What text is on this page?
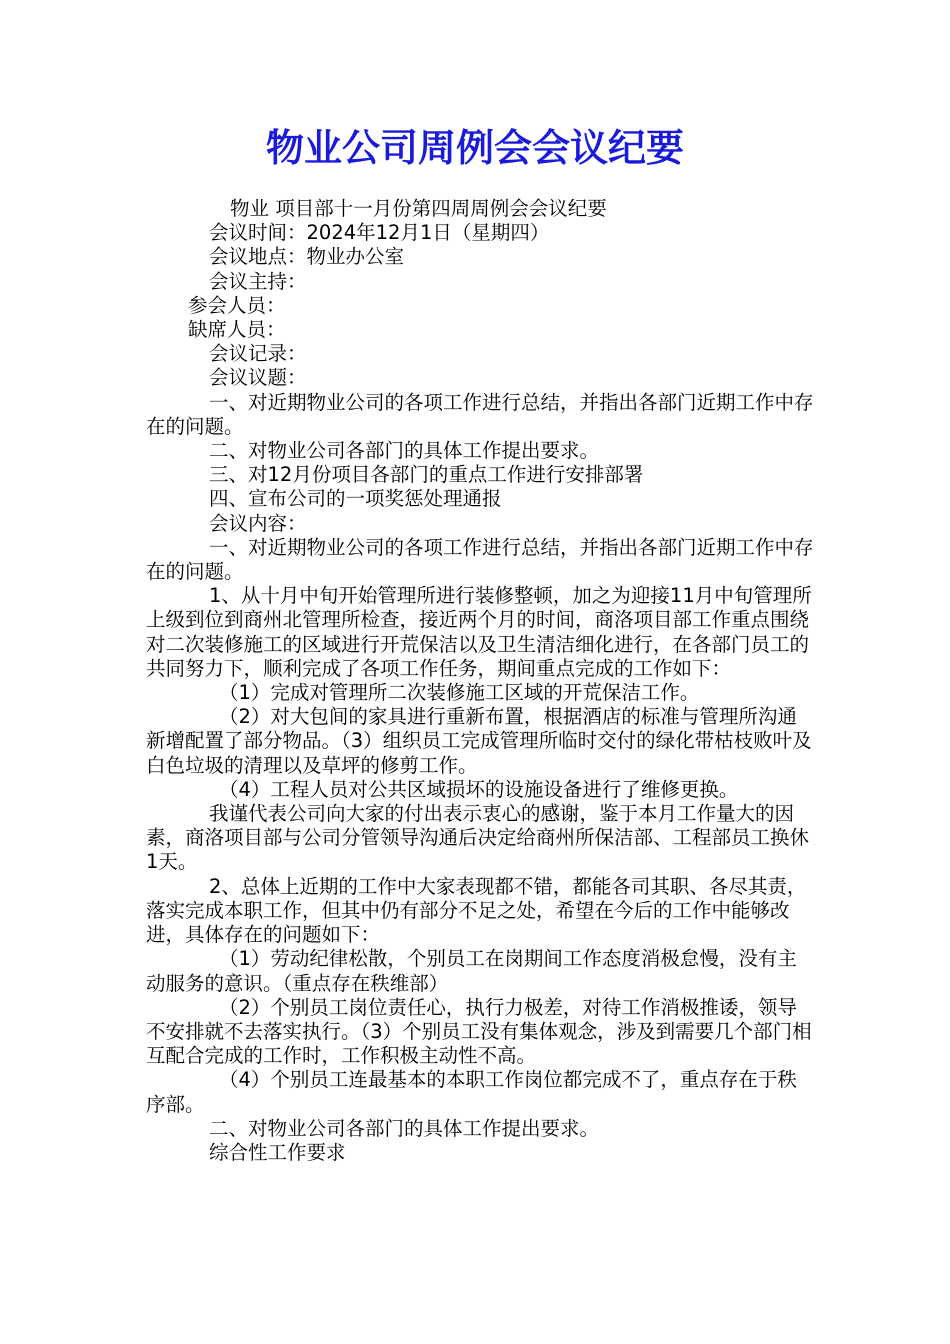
物业公司周例会会议纪要

物业 项目部十一月份第四周周例会会议纪要

会议时间：2024年12月1日（星期四）

会议地点：物业办公室

会议主持：

参会人员：

缺席人员：

会议记录：

会议议题：

一、对近期物业公司的各项工作进行总结，并指出各部门近期工作中存在的问题。

二、对物业公司各部门的具体工作提出要求。

三、对12月份项目各部门的重点工作进行安排部署

四、宣布公司的一项奖惩处理通报

会议内容：

一、对近期物业公司的各项工作进行总结，并指出各部门近期工作中存在的问题。

1、从十月中旬开始管理所进行装修整顿，加之为迎接11月中旬管理所上级到位到商州北管理所检查，接近两个月的时间，商洛项目部工作重点围绕对二次装修施工的区域进行开荒保洁以及卫生清洁细化进行，在各部门员工的共同努力下，顺利完成了各项工作任务，期间重点完成的工作如下：

（1）完成对管理所二次装修施工区域的开荒保洁工作。

（2）对大包间的家具进行重新布置，根据酒店的标准与管理所沟通新增配置了部分物品。（3）组织员工完成管理所临时交付的绿化带枯枝败叶及白色垃圾的清理以及草坪的修剪工作。

（4）工程人员对公共区域损坏的设施设备进行了维修更换。

我谨代表公司向大家的付出表示衷心的感谢，鉴于本月工作量大的因素，商洛项目部与公司分管领导沟通后决定给商州所保洁部、工程部员工换休1天。

2、总体上近期的工作中大家表现都不错，都能各司其职、各尽其责，落实完成本职工作，但其中仍有部分不足之处，希望在今后的工作中能够改进，具体存在的问题如下：

（1）劳动纪律松散，个别员工在岗期间工作态度消极怠慢，没有主动服务的意识。（重点存在秩维部）

（2）个别员工岗位责任心，执行力极差，对待工作消极推诿，领导不安排就不去落实执行。（3）个别员工没有集体观念，涉及到需要几个部门相互配合完成的工作时，工作积极主动性不高。

（4）个别员工连最基本的本职工作岗位都完成不了，重点存在于秩序部。

二、对物业公司各部门的具体工作提出要求。

综合性工作要求
